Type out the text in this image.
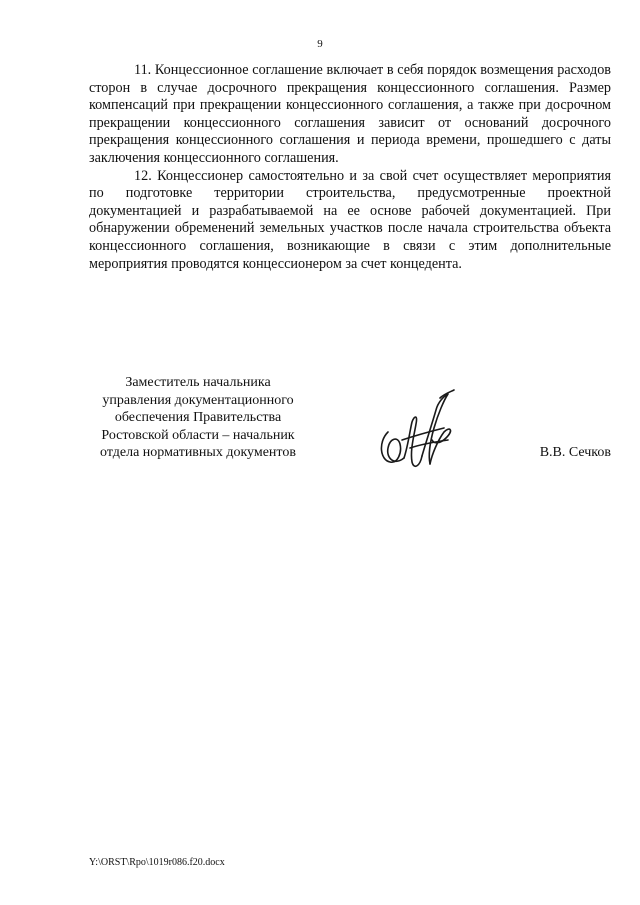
9

11. Концессионное соглашение включает в себя порядок возмещения расходов сторон в случае досрочного прекращения концессионного соглашения. Размер компенсаций при прекращении концессионного соглашения, а также при досрочном прекращении концессионного соглашения зависит от оснований досрочного прекращения концессионного соглашения и периода времени, прошедшего с даты заключения концессионного соглашения.

12. Концессионер самостоятельно и за свой счет осуществляет мероприятия по подготовке территории строительства, предусмотренные проектной документацией и разрабатываемой на ее основе рабочей документацией. При обнаружении обременений земельных участков после начала строительства объекта концессионного соглашения, возникающие в связи с этим дополнительные мероприятия проводятся концессионером за счет концедента.

Заместитель начальника
управления документационного
обеспечения Правительства
Ростовской области – начальник
отдела нормативных документов	В.В. Сечков
Y:\ORST\Rpo\1019r086.f20.docx
